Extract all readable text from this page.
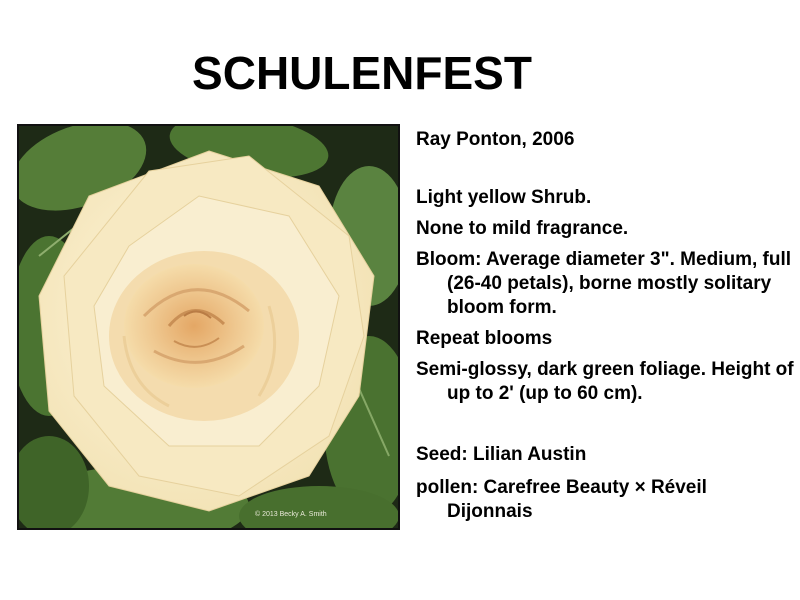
SCHULENFEST
© 2013 Becky A. Smith

Ray Ponton, 2006

Light yellow Shrub.

None to mild fragrance.

Bloom: Average diameter 3". Medium, full (26-40 petals), borne mostly solitary bloom form.

Repeat blooms

Semi-glossy, dark green foliage. Height of up to 2' (up to 60 cm).

Seed: Lilian Austin

pollen: Carefree Beauty × Réveil Dijonnais
